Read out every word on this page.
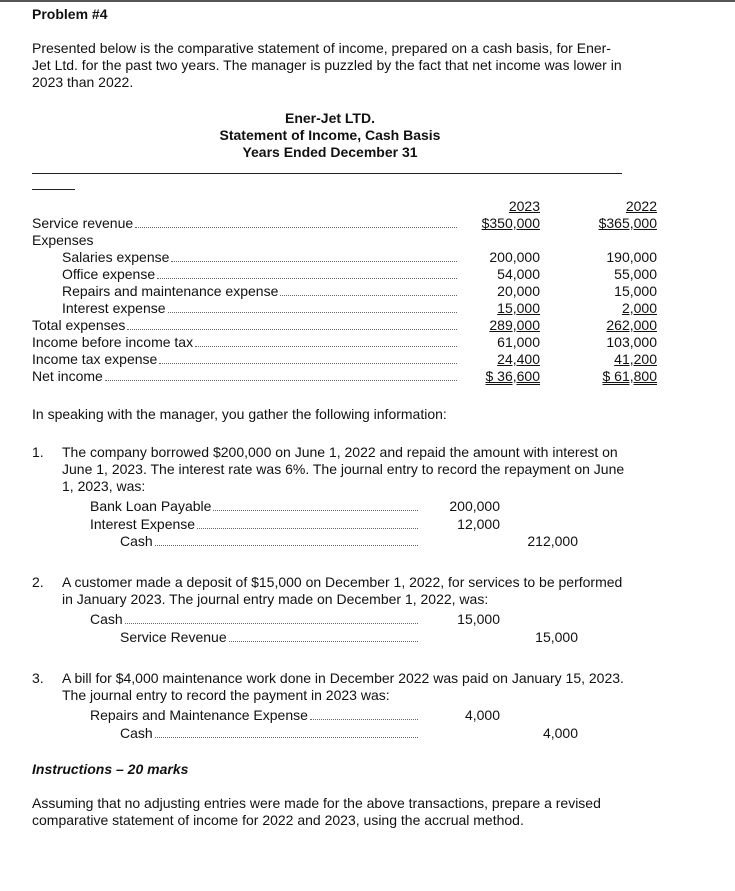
Problem #4
Presented below is the comparative statement of income, prepared on a cash basis, for Ener-Jet Ltd. for the past two years. The manager is puzzled by the fact that net income was lower in 2023 than 2022.
Ener-Jet LTD.
Statement of Income, Cash Basis
Years Ended December 31
2023	2022
Service revenue	$350,000	$365,000
Expenses
Salaries expense	200,000	190,000
Office expense	54,000	55,000
Repairs and maintenance expense	20,000	15,000
Interest expense	15,000	2,000
Total expenses	289,000	262,000
Income before income tax	61,000	103,000
Income tax expense	24,400	41,200
Net income	$ 36,600	$ 61,800
In speaking with the manager, you gather the following information:
1. The company borrowed $200,000 on June 1, 2022 and repaid the amount with interest on June 1, 2023. The interest rate was 6%. The journal entry to record the repayment on June 1, 2023, was:
Bank Loan Payable	200,000
Interest Expense	12,000
Cash	212,000
2. A customer made a deposit of $15,000 on December 1, 2022, for services to be performed in January 2023. The journal entry made on December 1, 2022, was:
Cash	15,000
Service Revenue	15,000
3. A bill for $4,000 maintenance work done in December 2022 was paid on January 15, 2023. The journal entry to record the payment in 2023 was:
Repairs and Maintenance Expense	4,000
Cash	4,000
Instructions – 20 marks
Assuming that no adjusting entries were made for the above transactions, prepare a revised comparative statement of income for 2022 and 2023, using the accrual method.
